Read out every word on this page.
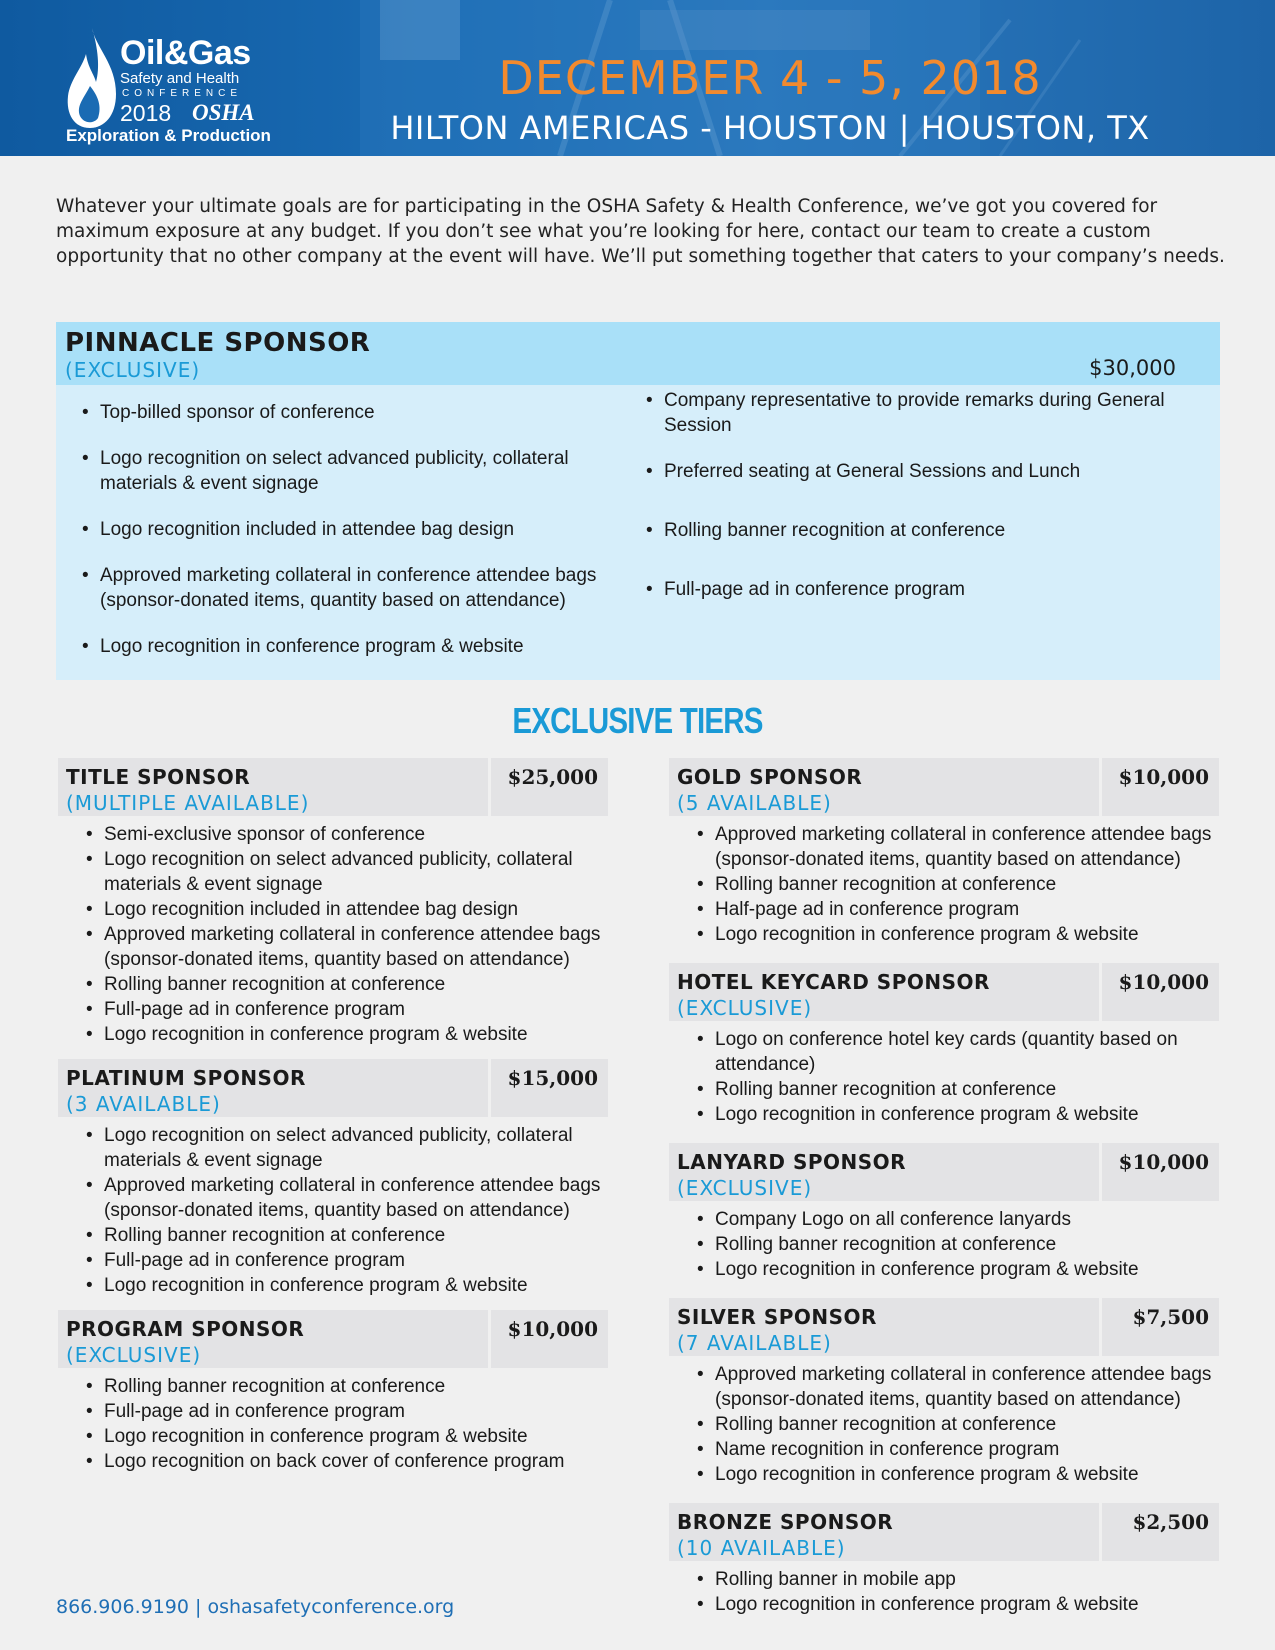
Oil&Gas
Safety and Health
CONFERENCE
2018 OSHA
Exploration & Production
DECEMBER 4 - 5, 2018
HILTON AMERICAS - HOUSTON | HOUSTON, TX
Whatever your ultimate goals are for participating in the OSHA Safety & Health Conference, we’ve got you covered for maximum exposure at any budget. If you don’t see what you’re looking for here, contact our team to create a custom opportunity that no other company at the event will have. We’ll put something together that caters to your company’s needs.
PINNACLE SPONSOR
(EXCLUSIVE)	$30,000
• Top-billed sponsor of conference
• Logo recognition on select advanced publicity, collateral materials & event signage
• Logo recognition included in attendee bag design
• Approved marketing collateral in conference attendee bags (sponsor-donated items, quantity based on attendance)
• Logo recognition in conference program & website
• Company representative to provide remarks during General Session
• Preferred seating at General Sessions and Lunch
• Rolling banner recognition at conference
• Full-page ad in conference program
EXCLUSIVE TIERS
TITLE SPONSOR
(MULTIPLE AVAILABLE)
$25,000
• Semi-exclusive sponsor of conference
• Logo recognition on select advanced publicity, collateral materials & event signage
• Logo recognition included in attendee bag design
• Approved marketing collateral in conference attendee bags (sponsor-donated items, quantity based on attendance)
• Rolling banner recognition at conference
• Full-page ad in conference program
• Logo recognition in conference program & website
PLATINUM SPONSOR
(3 AVAILABLE)
$15,000
• Logo recognition on select advanced publicity, collateral materials & event signage
• Approved marketing collateral in conference attendee bags (sponsor-donated items, quantity based on attendance)
• Rolling banner recognition at conference
• Full-page ad in conference program
• Logo recognition in conference program & website
PROGRAM SPONSOR
(EXCLUSIVE)
$10,000
• Rolling banner recognition at conference
• Full-page ad in conference program
• Logo recognition in conference program & website
• Logo recognition on back cover of conference program
GOLD SPONSOR
(5 AVAILABLE)
$10,000
• Approved marketing collateral in conference attendee bags (sponsor-donated items, quantity based on attendance)
• Rolling banner recognition at conference
• Half-page ad in conference program
• Logo recognition in conference program & website
HOTEL KEYCARD SPONSOR
(EXCLUSIVE)
$10,000
• Logo on conference hotel key cards (quantity based on attendance)
• Rolling banner recognition at conference
• Logo recognition in conference program & website
LANYARD SPONSOR
(EXCLUSIVE)
$10,000
• Company Logo on all conference lanyards
• Rolling banner recognition at conference
• Logo recognition in conference program & website
SILVER SPONSOR
(7 AVAILABLE)
$7,500
• Approved marketing collateral in conference attendee bags (sponsor-donated items, quantity based on attendance)
• Rolling banner recognition at conference
• Name recognition in conference program
• Logo recognition in conference program & website
BRONZE SPONSOR
(10 AVAILABLE)
$2,500
• Rolling banner in mobile app
• Logo recognition in conference program & website
866.906.9190 | oshasafetyconference.org
